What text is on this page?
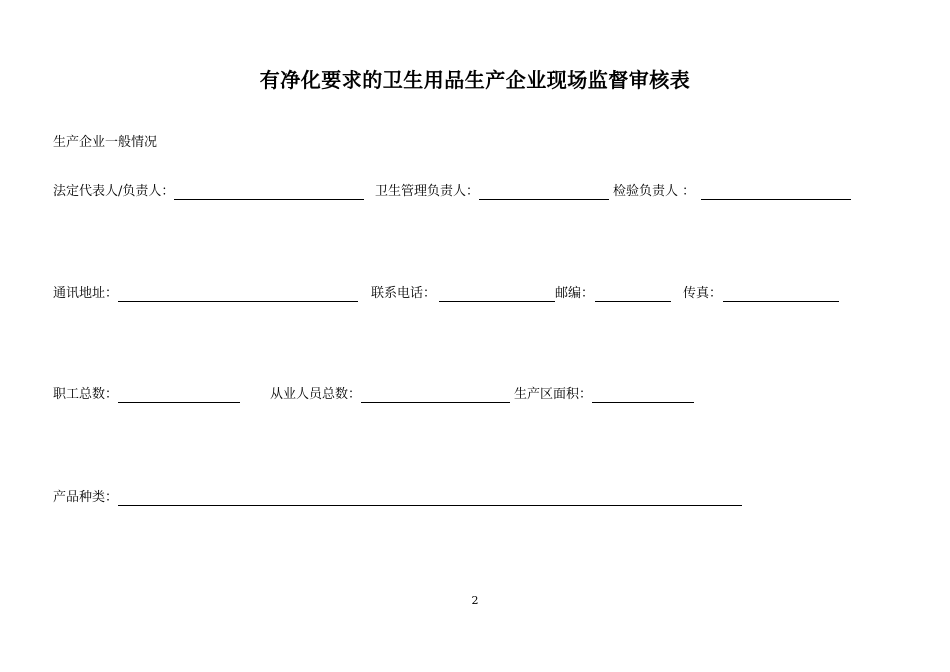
有净化要求的卫生用品生产企业现场监督审核表
生产企业一般情况
法定代表人/负责人：	卫生管理负责人：	检验负责人 ：
通讯地址：	联系电话：	邮编：	传真：
职工总数：	从业人员总数：	生产区面积：
产品种类：
2
